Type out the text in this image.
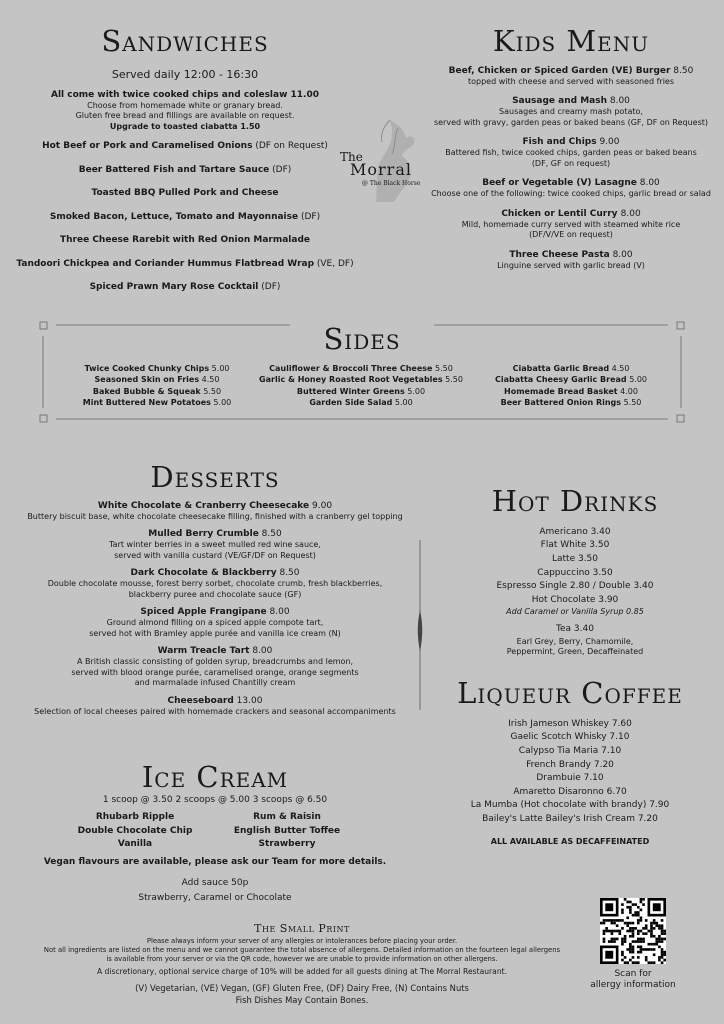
Sandwiches
Served daily 12:00 - 16:30
All come with twice cooked chips and coleslaw 11.00
Choose from homemade white or granary bread.
Gluten free bread and fillings are available on request.
Upgrade to toasted ciabatta 1.50
Hot Beef or Pork and Caramelised Onions (DF on Request)
Beer Battered Fish and Tartare Sauce (DF)
Toasted BBQ Pulled Pork and Cheese
Smoked Bacon, Lettuce, Tomato and Mayonnaise (DF)
Three Cheese Rarebit with Red Onion Marmalade
Tandoori Chickpea and Coriander Hummus Flatbread Wrap (VE, DF)
Spiced Prawn Mary Rose Cocktail (DF)
The
Morral
@ The Black Horse
Kids Menu
Beef, Chicken or Spiced Garden (VE) Burger 8.50
topped with cheese and served with seasoned fries
Sausage and Mash 8.00
Sausages and creamy mash potato,
served with gravy, garden peas or baked beans (GF, DF on Request)
Fish and Chips 9.00
Battered fish, twice cooked chips, garden peas or baked beans
(DF, GF on request)
Beef or Vegetable (V) Lasagne 8.00
Choose one of the following: twice cooked chips, garlic bread or salad
Chicken or Lentil Curry 8.00
Mild, homemade curry served with steamed white rice
(DF/V/VE on request)
Three Cheese Pasta 8.00
Linguine served with garlic bread (V)
Sides
Twice Cooked Chunky Chips 5.00
Seasoned Skin on Fries 4.50
Baked Bubble & Squeak 5.50
Mint Buttered New Potatoes 5.00
Cauliflower & Broccoli Three Cheese 5.50
Garlic & Honey Roasted Root Vegetables 5.50
Buttered Winter Greens 5.00
Garden Side Salad 5.00
Ciabatta Garlic Bread 4.50
Ciabatta Cheesy Garlic Bread 5.00
Homemade Bread Basket 4.00
Beer Battered Onion Rings 5.50
Desserts
White Chocolate & Cranberry Cheesecake 9.00
Buttery biscuit base, white chocolate cheesecake filling, finished with a cranberry gel topping
Mulled Berry Crumble 8.50
Tart winter berries in a sweet mulled red wine sauce,
served with vanilla custard (VE/GF/DF on Request)
Dark Chocolate & Blackberry 8.50
Double chocolate mousse, forest berry sorbet, chocolate crumb, fresh blackberries,
blackberry puree and chocolate sauce (GF)
Spiced Apple Frangipane 8.00
Ground almond filling on a spiced apple compote tart,
served hot with Bramley apple purée and vanilla ice cream (N)
Warm Treacle Tart 8.00
A British classic consisting of golden syrup, breadcrumbs and lemon,
served with blood orange purée, caramelised orange, orange segments
and marmalade infused Chantilly cream
Cheeseboard 13.00
Selection of local cheeses paired with homemade crackers and seasonal accompaniments
Ice Cream
1 scoop @ 3.50 2 scoops @ 5.00 3 scoops @ 6.50
Rhubarb Ripple
Double Chocolate Chip
Vanilla
Rum & Raisin
English Butter Toffee
Strawberry
Vegan flavours are available, please ask our Team for more details.
Add sauce 50p
Strawberry, Caramel or Chocolate
Hot Drinks
Americano 3.40
Flat White 3.50
Latte 3.50
Cappuccino 3.50
Espresso Single 2.80 / Double 3.40
Hot Chocolate 3.90
Add Caramel or Vanilla Syrup 0.85
Tea 3.40
Earl Grey, Berry, Chamomile,
Peppermint, Green, Decaffeinated
Liqueur Coffee
Irish Jameson Whiskey 7.60
Gaelic Scotch Whisky 7.10
Calypso Tia Maria 7.10
French Brandy 7.20
Drambuie 7.10
Amaretto Disaronno 6.70
La Mumba (Hot chocolate with brandy) 7.90
Bailey's Latte Bailey's Irish Cream 7.20
ALL AVAILABLE AS DECAFFEINATED
The Small Print
Please always inform your server of any allergies or intolerances before placing your order.
Not all ingredients are listed on the menu and we cannot guarantee the total absence of allergens. Detailed information on the fourteen legal allergens
is available from your server or via the QR code, however we are unable to provide information on other allergens.
A discretionary, optional service charge of 10% will be added for all guests dining at The Morral Restaurant.
(V) Vegetarian, (VE) Vegan, (GF) Gluten Free, (DF) Dairy Free, (N) Contains Nuts
Fish Dishes May Contain Bones.
Scan for
allergy information
